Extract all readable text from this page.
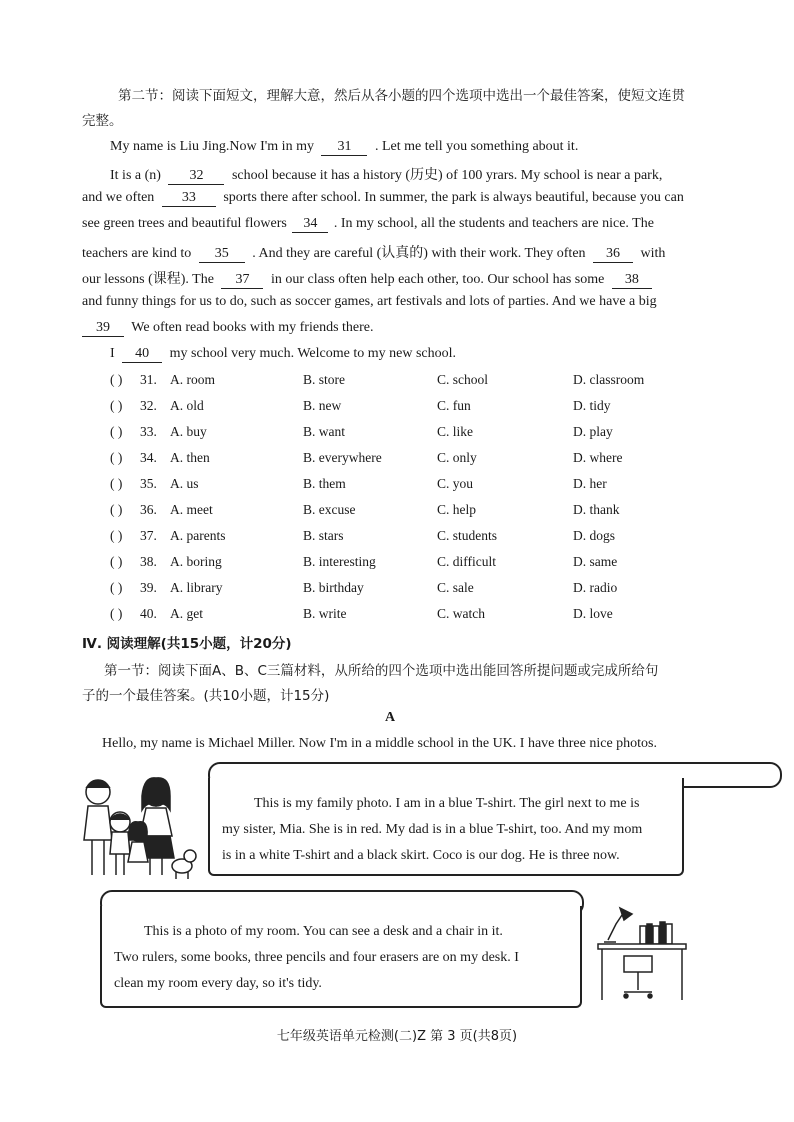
第二节：阅读下面短文，理解大意，然后从各小题的四个选项中选出一个最佳答案，使短文连贯
完整。
My name is Liu Jing.Now I'm in my 31 . Let me tell you something about it.
It is a (n) 32 school because it has a history (历史) of 100 yrars. My school is near a park,
and we often 33 sports there after school. In summer, the park is always beautiful, because you can
see green trees and beautiful flowers 34 . In my school, all the students and teachers are nice. The
teachers are kind to 35 . And they are careful (认真的) with their work. They often 36 with
our lessons (课程). The 37 in our class often help each other, too. Our school has some 38
and funny things for us to do, such as soccer games, art festivals and lots of parties. And we have a big
39 We often read books with my friends there.
I 40 my school very much. Welcome to my new school.
( ) 31. A. room	B. store	C. school	D. classroom
( ) 32. A. old	B. new	C. fun	D. tidy
( ) 33. A. buy	B. want	C. like	D. play
( ) 34. A. then	B. everywhere	C. only	D. where
( ) 35. A. us	B. them	C. you	D. her
( ) 36. A. meet	B. excuse	C. help	D. thank
( ) 37. A. parents	B. stars	C. students	D. dogs
( ) 38. A. boring	B. interesting	C. difficult	D. same
( ) 39. A. library	B. birthday	C. sale	D. radio
( ) 40. A. get	B. write	C. watch	D. love
Ⅳ. 阅读理解(共15小题，计20分)
第一节：阅读下面A、B、C三篇材料，从所给的四个选项中选出能回答所提问题或完成所给句
子的一个最佳答案。(共10小题，计15分)
A
Hello, my name is Michael Miller. Now I'm in a middle school in the UK. I have three nice photos.
This is my family photo. I am in a blue T-shirt. The girl next to me is
my sister, Mia. She is in red. My dad is in a blue T-shirt, too. And my mom
is in a white T-shirt and a black skirt. Coco is our dog. He is three now.
This is a photo of my room. You can see a desk and a chair in it.
Two rulers, some books, three pencils and four erasers are on my desk. I
clean my room every day, so it's tidy.
七年级英语单元检测(二)Z 第 3 页(共8页)
